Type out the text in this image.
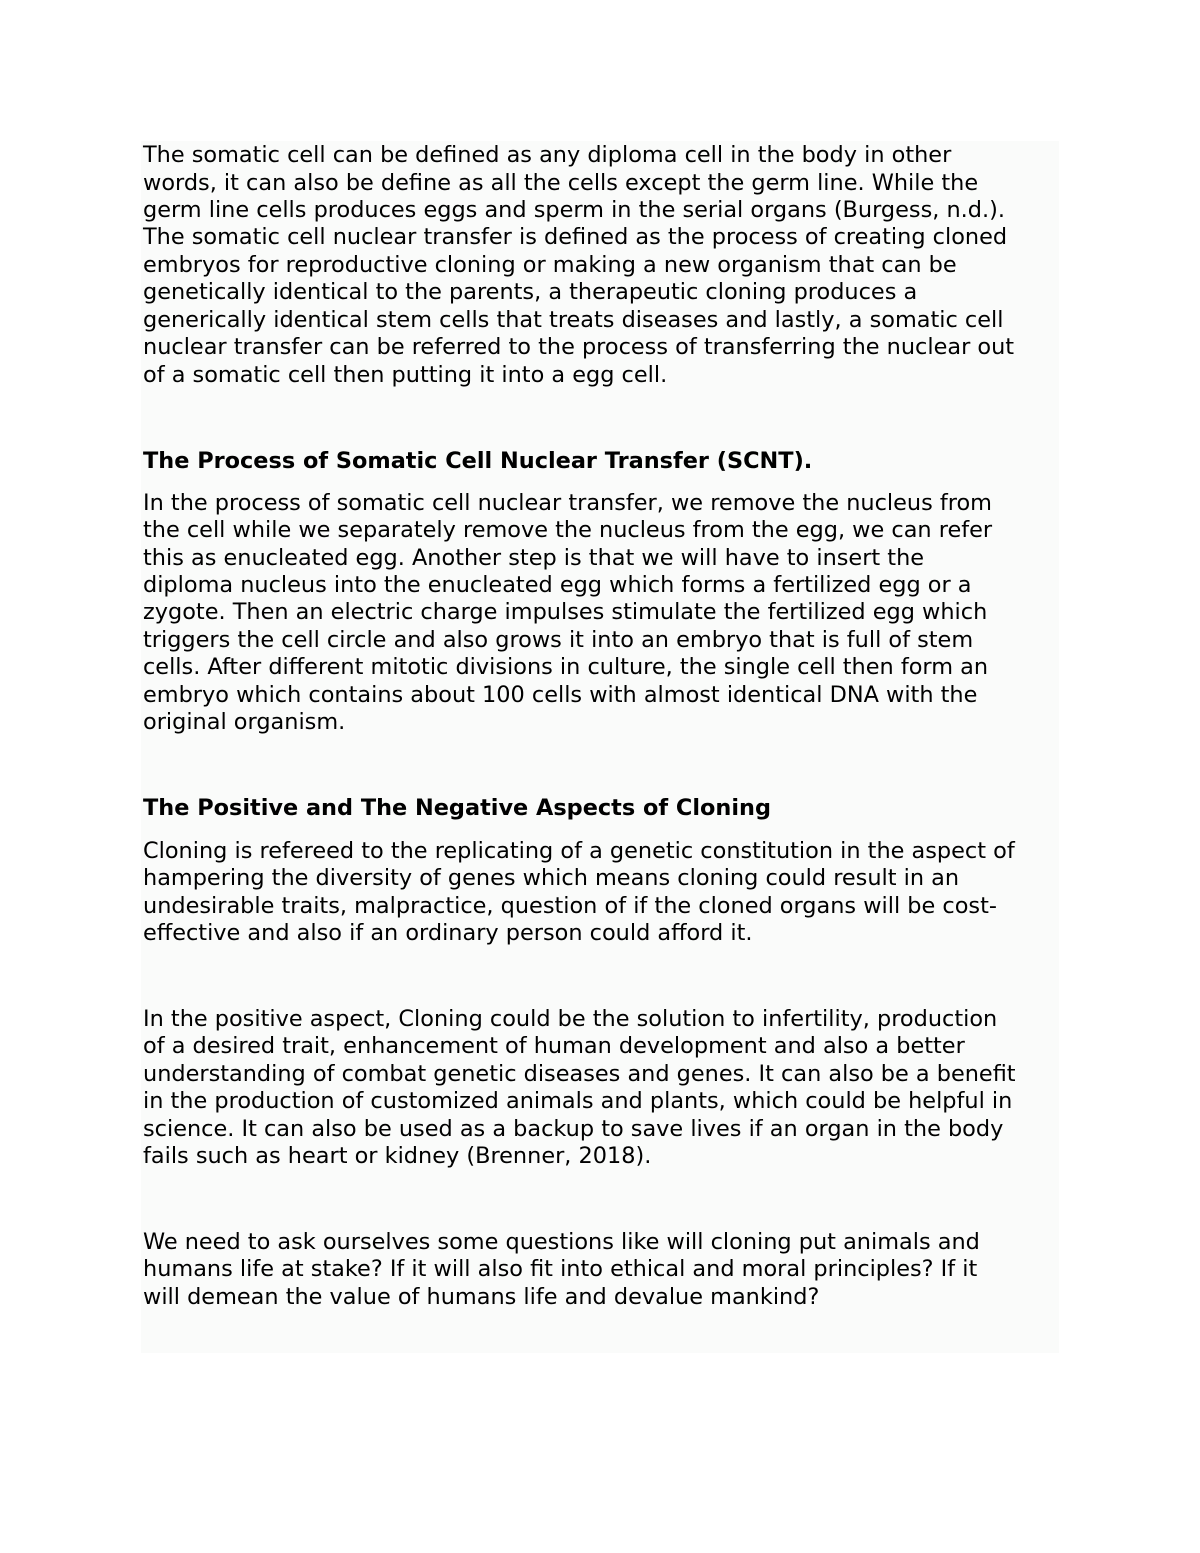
The somatic cell can be defined as any diploma cell in the body in other

words, it can also be define as all the cells except the germ line. While the

germ line cells produces eggs and sperm in the serial organs (Burgess, n.d.).

The somatic cell nuclear transfer is defined as the process of creating cloned

embryos for reproductive cloning or making a new organism that can be

genetically identical to the parents, a therapeutic cloning produces a

generically identical stem cells that treats diseases and lastly, a somatic cell

nuclear transfer can be referred to the process of transferring the nuclear out

of a somatic cell then putting it into a egg cell.

The Process of Somatic Cell Nuclear Transfer (SCNT).

In the process of somatic cell nuclear transfer, we remove the nucleus from

the cell while we separately remove the nucleus from the egg, we can refer

this as enucleated egg. Another step is that we will have to insert the

diploma nucleus into the enucleated egg which forms a fertilized egg or a

zygote. Then an electric charge impulses stimulate the fertilized egg which

triggers the cell circle and also grows it into an embryo that is full of stem

cells. After different mitotic divisions in culture, the single cell then form an

embryo which contains about 100 cells with almost identical DNA with the

original organism.

The Positive and The Negative Aspects of Cloning

Cloning is refereed to the replicating of a genetic constitution in the aspect of

hampering the diversity of genes which means cloning could result in an

undesirable traits, malpractice, question of if the cloned organs will be cost-

effective and also if an ordinary person could afford it.

In the positive aspect, Cloning could be the solution to infertility, production

of a desired trait, enhancement of human development and also a better

understanding of combat genetic diseases and genes. It can also be a benefit

in the production of customized animals and plants, which could be helpful in

science. It can also be used as a backup to save lives if an organ in the body

fails such as heart or kidney (Brenner, 2018).

We need to ask ourselves some questions like will cloning put animals and

humans life at stake? If it will also fit into ethical and moral principles? If it

will demean the value of humans life and devalue mankind?
